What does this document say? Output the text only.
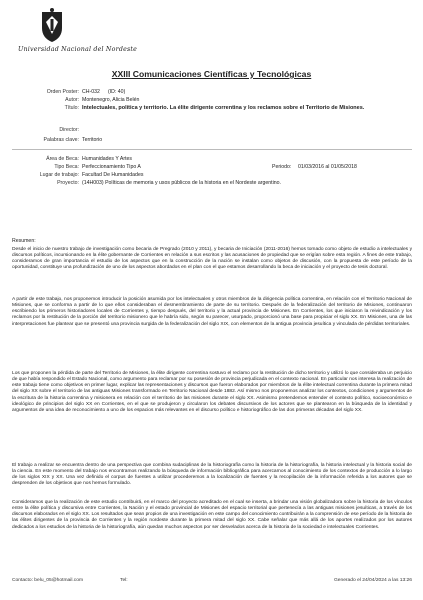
Universidad Nacional del Nordeste
XXIII Comunicaciones Científicas y Tecnológicas
Orden Poster: CH-032 (ID: 40)
Autor: Montenegro, Alicia Belén
Título: Intelectuales, política y territorio. La élite dirigente correntina y los reclamos sobre el Territorio de Misiones.
Director:
Palabras clave: Territorio
Área de Beca: Humanidades Y Artes
Tipo Beca: Perfeccionamiento Tipo A	Periodo: 01/03/2016 al 01/05/2018
Lugar de trabajo: Facultad De Humanidades
Proyecto: (14H003) Políticas de memoria y usos públicos de la historia en el Nordeste argentino.
Resumen:

Desde el inicio de nuestro trabajo de investigación como becaria de Pregrado (2010 y 2011), y becaria de Iniciación (2011-2016) hemos tomado como objeto de estudio a intelectuales y discursos políticos, incursionando en la élite gobernante de Corrientes en relación a sus escritos y las acusaciones de propiedad que se erigían sobre esta región. A fines de este trabajo, consideramos de gran importancia el estudio de los aspectos que en la construcción de la nación se instalan como objetos de discusión, con la propuesta de este período de la oportunidad, constituye una profundización de uno de los aspectos abordados en el plan con el que estamos desarrollando la beca de iniciación y el proyecto de tesis doctoral.

A partir de este trabajo, nos proponemos introducir la posición asumida por los intelectuales y otros miembros de la dirigencia política correntina, en relación con el Territorio Nacional de Misiones, que se conforma a partir de lo que ellos consideraban el desmembramiento de parte de su territorio. Después de la federalización del territorio de Misiones, continuaron escribiendo los primeros historiadores locales de Corrientes y, tiempo después, del territorio y la actual provincia de Misiones. En Corrientes, los que iniciaron la reivindicación y los reclamos por la restitución de la porción del territorio misionero que le habría sido, según su parecer, usurpado, proporcionó una base para propiciar el siglo XX. En Misiones, una de las interpretaciones fue plantear que se presentó una provincia surgida de la federalización del siglo XIX, con elementos de la antigua provincia jesuítica y vinculada de pérdidas territoriales.

Los que proponen la pérdida de parte del Territorio de Misiones, la élite dirigente correntina sostuvo el reclamo por la restitución de dicho territorio y utilizó lo que consideraba un perjuicio de que había respondido el Estado Nacional, como argumento para reclamar por su posesión de provincia perjudicada en el contexto nacional. En particular nos interesa la realización de este trabajo tiene como objetivos en primer lugar, explicar las representaciones y discursos que fueron elaborados por miembros de la élite intelectual correntina durante la primera mitad del siglo XX sobre el territorio de las antiguas Misiones transformado en Territorio Nacional desde 1882. Así mismo nos proponemos analizar los contextos, condiciones y argumentos de la escritura de la historia correntina y misionera en relación con el territorio de las misiones durante el siglo XX. Asimismo pretendemos entender el contexto político, socioeconómico e ideológico de principios del siglo XX en Corrientes, en el que se produjeron y circularon los debates discursivos de los actores que se plantearon en la búsqueda de la identidad y argumentos de una idea de reconocimiento a uno de los espacios más relevantes en el discurso político e historiográfico de las dos primeras décadas del siglo XX.

El trabajo a realizar se encuentra dentro de una perspectiva que combina sudaciplinas de la historiografía como la historia de la historiografía, la historia intelectual y la historia social de la ciencia. En este momento del trabajo nos encontramos realizando la búsqueda de información bibliográfica para acercarnos al conocimiento de los contextos de producción a lo largo de los siglos XIX y XX. Una vez definido el corpus de fuentes a utilizar procederemos a la localización de fuentes y la recopilación de la información referida a los autores que se desprenden de los objetivos que nos hemos formulado.

Consideramos que la realización de este estudio contribuirá, en el marco del proyecto acreditado en el cual se inserta, a brindar una visión globalizadora sobre la historia de los vínculos entre la élite política y discursiva entre Corrientes, la Nación y el estado provincial de Misiones del espacio territorial que pertenecía a las antiguas misiones jesuíticas, a través de los discursos elaborados en el siglo XX. Los resultados que sean propios de una investigación en este campo del conocimiento contribuirán a la comprensión de ese período de la historia de las élites dirigentes de la provincia de Corrientes y la región nordeste durante la primera mitad del siglo XX. Cabe señalar que más allá de los aportes realizados por los autores dedicados a los estudios de la historia de la historiografía, aún quedan muchos aspectos por ser desvelados acerca de la historia de la sociedad e intelectuales Corrientes.

Contacto: belu_05@hotmail.com	Tel:	Generado el 24/04/2024 a las 13:26
